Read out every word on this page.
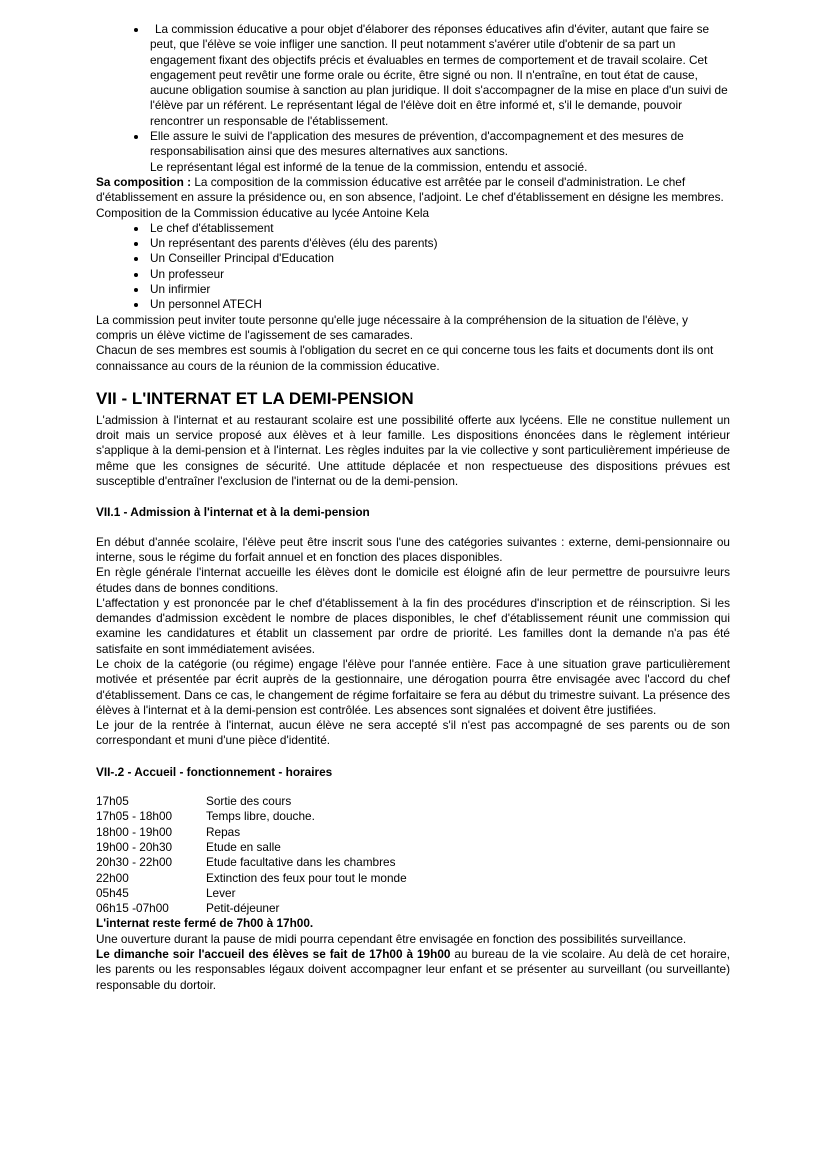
• La commission éducative a pour objet d'élaborer des réponses éducatives afin d'éviter, autant que faire se peut, que l'élève se voie infliger une sanction. Il peut notamment s'avérer utile d'obtenir de sa part un engagement fixant des objectifs précis et évaluables en termes de comportement et de travail scolaire. Cet engagement peut revêtir une forme orale ou écrite, être signé ou non. Il n'entraîne, en tout état de cause, aucune obligation soumise à sanction au plan juridique. Il doit s'accompagner de la mise en place d'un suivi de l'élève par un référent. Le représentant légal de l'élève doit en être informé et, s'il le demande, pouvoir rencontrer un responsable de l'établissement.
• Elle assure le suivi de l'application des mesures de prévention, d'accompagnement et des mesures de responsabilisation ainsi que des mesures alternatives aux sanctions.
Le représentant légal est informé de la tenue de la commission, entendu et associé.

Sa composition : La composition de la commission éducative est arrêtée par le conseil d'administration. Le chef d'établissement en assure la présidence ou, en son absence, l'adjoint. Le chef d'établissement en désigne les membres.

Composition de la Commission éducative au lycée Antoine Kela

• Le chef d'établissement
• Un représentant des parents d'élèves (élu des parents)
• Un Conseiller Principal d'Education
• Un professeur
• Un infirmier
• Un personnel ATECH

La commission peut inviter toute personne qu'elle juge nécessaire à la compréhension de la situation de l'élève, y compris un élève victime de l'agissement de ses camarades.

Chacun de ses membres est soumis à l'obligation du secret en ce qui concerne tous les faits et documents dont ils ont connaissance au cours de la réunion de la commission éducative.

VII - L'INTERNAT ET LA DEMI-PENSION

L'admission à l'internat et au restaurant scolaire est une possibilité offerte aux lycéens. Elle ne constitue nullement un droit mais un service proposé aux élèves et à leur famille. Les dispositions énoncées dans le règlement intérieur s'applique à la demi-pension et à l'internat. Les règles induites par la vie collective y sont particulièrement impérieuse de même que les consignes de sécurité. Une attitude déplacée et non respectueuse des dispositions prévues est susceptible d'entraîner l'exclusion de l'internat ou de la demi-pension.

VII.1 - Admission à l'internat et à la demi-pension

En début d'année scolaire, l'élève peut être inscrit sous l'une des catégories suivantes : externe, demi-pensionnaire ou interne, sous le régime du forfait annuel et en fonction des places disponibles.

En règle générale l'internat accueille les élèves dont le domicile est éloigné afin de leur permettre de poursuivre leurs études dans de bonnes conditions.

L'affectation y est prononcée par le chef d'établissement à la fin des procédures d'inscription et de réinscription. Si les demandes d'admission excèdent le nombre de places disponibles, le chef d'établissement réunit une commission qui examine les candidatures et établit un classement par ordre de priorité. Les familles dont la demande n'a pas été satisfaite en sont immédiatement avisées.

Le choix de la catégorie (ou régime) engage l'élève pour l'année entière. Face à une situation grave particulièrement motivée et présentée par écrit auprès de la gestionnaire, une dérogation pourra être envisagée avec l'accord du chef d'établissement. Dans ce cas, le changement de régime forfaitaire se fera au début du trimestre suivant. La présence des élèves à l'internat et à la demi-pension est contrôlée. Les absences sont signalées et doivent être justifiées.

Le jour de la rentrée à l'internat, aucun élève ne sera accepté s'il n'est pas accompagné de ses parents ou de son correspondant et muni d'une pièce d'identité.

VII-.2 - Accueil - fonctionnement - horaires
17h05	Sortie des cours
17h05 - 18h00	Temps libre, douche.
18h00 - 19h00	Repas
19h00 - 20h30	Etude en salle
20h30 - 22h00	Etude facultative dans les chambres
22h00	Extinction des feux pour tout le monde
05h45	Lever
06h15 -07h00	Petit-déjeuner

L'internat reste fermé de 7h00 à 17h00.

Une ouverture durant la pause de midi pourra cependant être envisagée en fonction des possibilités surveillance.

Le dimanche soir l'accueil des élèves se fait de 17h00 à 19h00 au bureau de la vie scolaire. Au delà de cet horaire, les parents ou les responsables légaux doivent accompagner leur enfant et se présenter au surveillant (ou surveillante) responsable du dortoir.
